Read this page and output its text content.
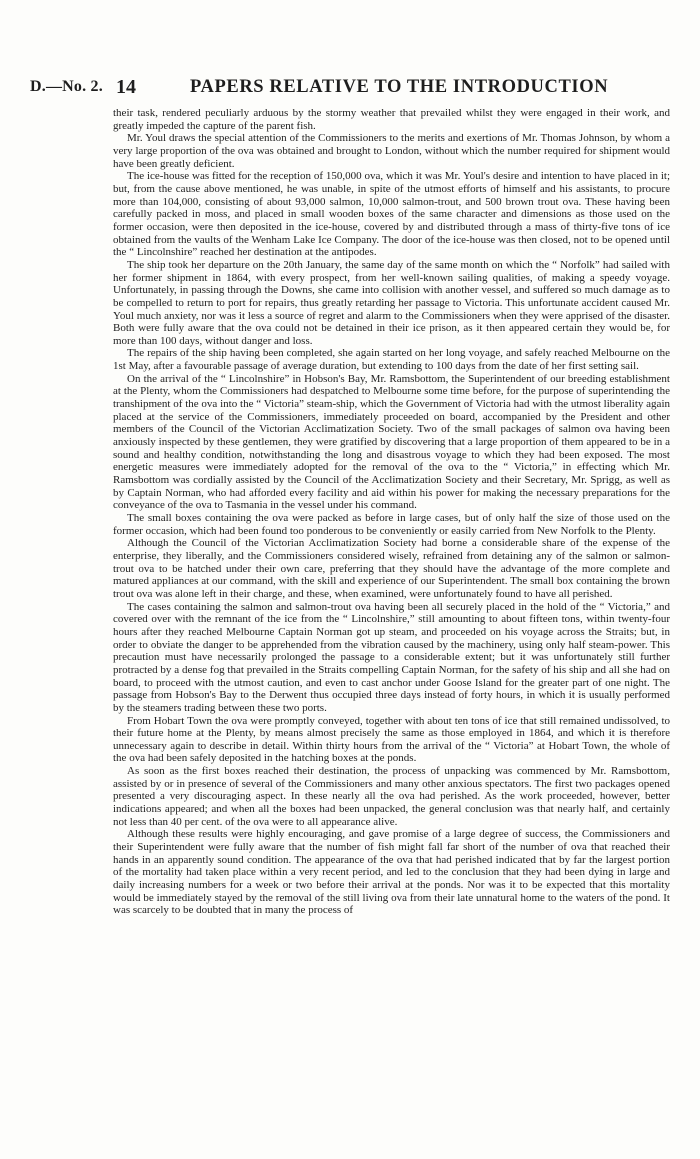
D.—No. 2. 14	PAPERS RELATIVE TO THE INTRODUCTION

their task, rendered peculiarly arduous by the stormy weather that prevailed whilst they were engaged in their work, and greatly impeded the capture of the parent fish.

Mr. Youl draws the special attention of the Commissioners to the merits and exertions of Mr. Thomas Johnson, by whom a very large proportion of the ova was obtained and brought to London, without which the number required for shipment would have been greatly deficient.

The ice-house was fitted for the reception of 150,000 ova, which it was Mr. Youl's desire and intention to have placed in it; but, from the cause above mentioned, he was unable, in spite of the utmost efforts of himself and his assistants, to procure more than 104,000, consisting of about 93,000 salmon, 10,000 salmon-trout, and 500 brown trout ova. These having been carefully packed in moss, and placed in small wooden boxes of the same character and dimensions as those used on the former occasion, were then deposited in the ice-house, covered by and distributed through a mass of thirty-five tons of ice obtained from the vaults of the Wenham Lake Ice Company. The door of the ice-house was then closed, not to be opened until the “ Lincolnshire” reached her destination at the antipodes.

The ship took her departure on the 20th January, the same day of the same month on which the “ Norfolk” had sailed with her former shipment in 1864, with every prospect, from her well-known sailing qualities, of making a speedy voyage. Unfortunately, in passing through the Downs, she came into collision with another vessel, and suffered so much damage as to be compelled to return to port for repairs, thus greatly retarding her passage to Victoria. This unfortunate accident caused Mr. Youl much anxiety, nor was it less a source of regret and alarm to the Commissioners when they were apprised of the disaster. Both were fully aware that the ova could not be detained in their ice prison, as it then appeared certain they would be, for more than 100 days, without danger and loss.

The repairs of the ship having been completed, she again started on her long voyage, and safely reached Melbourne on the 1st May, after a favourable passage of average duration, but extending to 100 days from the date of her first setting sail.

On the arrival of the “ Lincolnshire” in Hobson's Bay, Mr. Ramsbottom, the Superintendent of our breeding establishment at the Plenty, whom the Commissioners had despatched to Melbourne some time before, for the purpose of superintending the transhipment of the ova into the “ Victoria” steam-ship, which the Government of Victoria had with the utmost liberality again placed at the service of the Commissioners, immediately proceeded on board, accompanied by the President and other members of the Council of the Victorian Acclimatization Society. Two of the small packages of salmon ova having been anxiously inspected by these gentlemen, they were gratified by discovering that a large proportion of them appeared to be in a sound and healthy condition, notwithstanding the long and disastrous voyage to which they had been exposed. The most energetic measures were immediately adopted for the removal of the ova to the “ Victoria,” in effecting which Mr. Ramsbottom was cordially assisted by the Council of the Acclimatization Society and their Secretary, Mr. Sprigg, as well as by Captain Norman, who had afforded every facility and aid within his power for making the necessary preparations for the conveyance of the ova to Tasmania in the vessel under his command.

The small boxes containing the ova were packed as before in large cases, but of only half the size of those used on the former occasion, which had been found too ponderous to be conveniently or easily carried from New Norfolk to the Plenty.

Although the Council of the Victorian Acclimatization Society had borne a considerable share of the expense of the enterprise, they liberally, and the Commissioners considered wisely, refrained from detaining any of the salmon or salmon-trout ova to be hatched under their own care, preferring that they should have the advantage of the more complete and matured appliances at our command, with the skill and experience of our Superintendent. The small box containing the brown trout ova was alone left in their charge, and these, when examined, were unfortunately found to have all perished.

The cases containing the salmon and salmon-trout ova having been all securely placed in the hold of the “ Victoria,” and covered over with the remnant of the ice from the “ Lincolnshire,” still amounting to about fifteen tons, within twenty-four hours after they reached Melbourne Captain Norman got up steam, and proceeded on his voyage across the Straits; but, in order to obviate the danger to be apprehended from the vibration caused by the machinery, using only half steam-power. This precaution must have necessarily prolonged the passage to a considerable extent; but it was unfortunately still further protracted by a dense fog that prevailed in the Straits compelling Captain Norman, for the safety of his ship and all she had on board, to proceed with the utmost caution, and even to cast anchor under Goose Island for the greater part of one night. The passage from Hobson's Bay to the Derwent thus occupied three days instead of forty hours, in which it is usually performed by the steamers trading between these two ports.

From Hobart Town the ova were promptly conveyed, together with about ten tons of ice that still remained undissolved, to their future home at the Plenty, by means almost precisely the same as those employed in 1864, and which it is therefore unnecessary again to describe in detail. Within thirty hours from the arrival of the “ Victoria” at Hobart Town, the whole of the ova had been safely deposited in the hatching boxes at the ponds.

As soon as the first boxes reached their destination, the process of unpacking was commenced by Mr. Ramsbottom, assisted by or in presence of several of the Commissioners and many other anxious spectators. The first two packages opened presented a very discouraging aspect. In these nearly all the ova had perished. As the work proceeded, however, better indications appeared; and when all the boxes had been unpacked, the general conclusion was that nearly half, and certainly not less than 40 per cent. of the ova were to all appearance alive.

Although these results were highly encouraging, and gave promise of a large degree of success, the Commissioners and their Superintendent were fully aware that the number of fish might fall far short of the number of ova that reached their hands in an apparently sound condition. The appearance of the ova that had perished indicated that by far the largest portion of the mortality had taken place within a very recent period, and led to the conclusion that they had been dying in large and daily increasing numbers for a week or two before their arrival at the ponds. Nor was it to be expected that this mortality would be immediately stayed by the removal of the still living ova from their late unnatural home to the waters of the pond. It was scarcely to be doubted that in many the process of
